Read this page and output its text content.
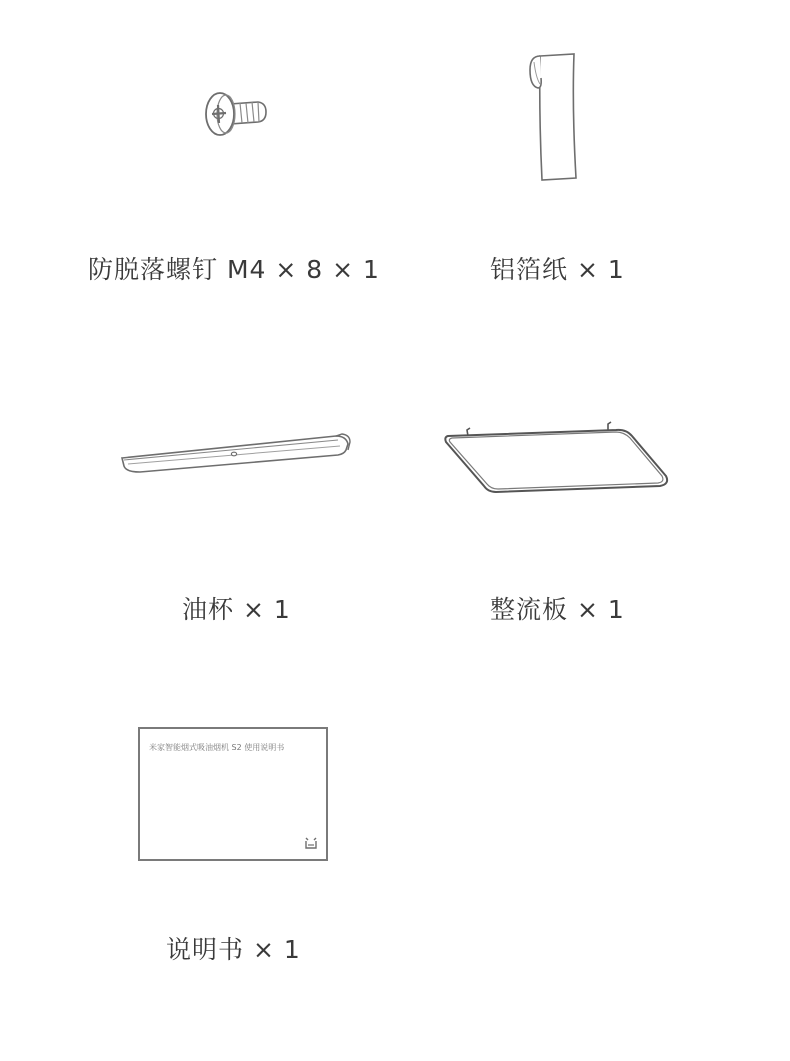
防脱落螺钉 M4 × 8 × 1	铝箔纸 × 1
油杯 × 1	整流板 × 1
米家智能烟式吸油烟机 S2 使用说明书
说明书 × 1
